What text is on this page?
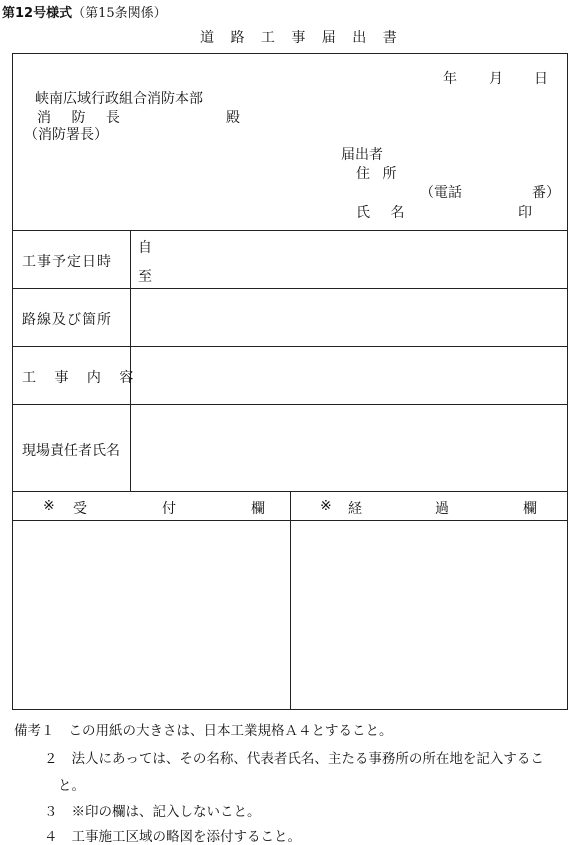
第12号様式（第15条関係）
道 路 工 事 届 出 書
年 月 日
峡南広域行政組合消防本部
消 防 長	殿
（消防署長）
届出者
住 所
（電話	番）
氏 名	印
工事予定日時
自
至
路線及び箇所
工 事 内 容
現場責任者氏名
※ 受	付	欄	※ 経	過	欄
備考１ この用紙の大きさは、日本工業規格Ａ４とすること。
２ 法人にあっては、その名称、代表者氏名、主たる事務所の所在地を記入するこ
と。
３ ※印の欄は、記入しないこと。
４ 工事施工区域の略図を添付すること。
